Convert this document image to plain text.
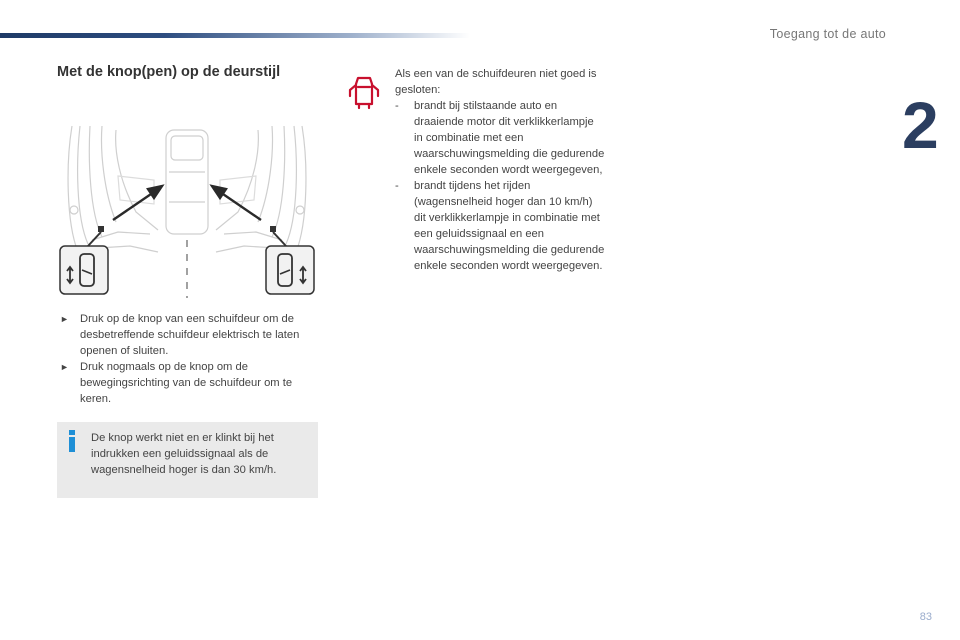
Toegang tot de auto
2
Met de knop(pen) op de deurstijl
► Druk op de knop van een schuifdeur om de desbetreffende schuifdeur elektrisch te laten openen of sluiten.
► Druk nogmaals op de knop om de bewegingsrichting van de schuifdeur om te keren.
De knop werkt niet en er klinkt bij het indrukken een geluidssignaal als de wagensnelheid hoger is dan 30 km/h.

Als een van de schuifdeuren niet goed is gesloten:

- brandt bij stilstaande auto en draaiende motor dit verklikkerlampje in combinatie met een waarschuwingsmelding die gedurende enkele seconden wordt weergegeven,
- brandt tijdens het rijden (wagensnelheid hoger dan 10 km/h) dit verklikkerlampje in combinatie met een geluidssignaal en een waarschuwingsmelding die gedurende enkele seconden wordt weergegeven.
83
